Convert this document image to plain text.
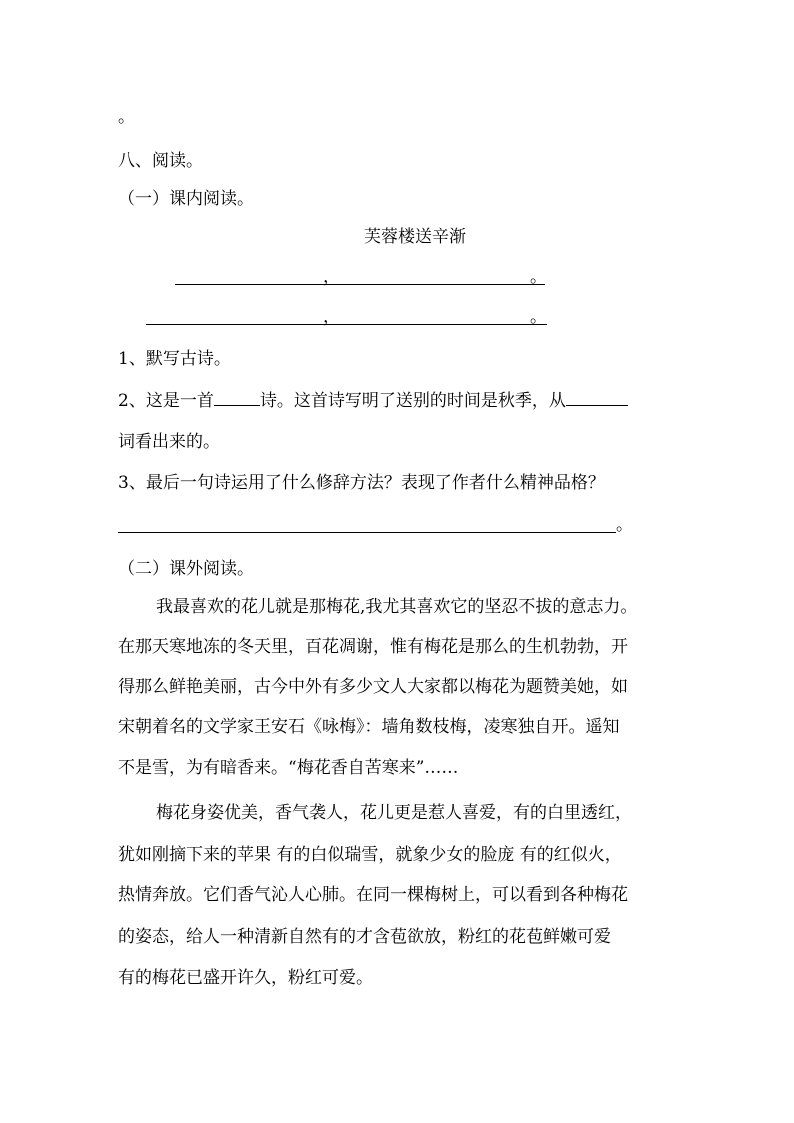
。
八、阅读。
（一）课内阅读。
芙蓉楼送辛渐
，	。
，	。
1、默写古诗。
2、这是一首	诗。这首诗写明了送别的时间是秋季，从
词看出来的。
3、最后一句诗运用了什么修辞方法？表现了作者什么精神品格？
。
（二）课外阅读。
我最喜欢的花儿就是那梅花,我尤其喜欢它的坚忍不拔的意志力。
在那天寒地冻的冬天里，百花凋谢，惟有梅花是那么的生机勃勃，开
得那么鲜艳美丽，古今中外有多少文人大家都以梅花为题赞美她，如
宋朝着名的文学家王安石《咏梅》：墙角数枝梅，凌寒独自开。遥知
不是雪，为有暗香来。“梅花香自苦寒来”……
梅花身姿优美，香气袭人，花儿更是惹人喜爱，有的白里透红，
犹如刚摘下来的苹果 有的白似瑞雪，就象少女的脸庞 有的红似火，
热情奔放。它们香气沁人心肺。在同一棵梅树上，可以看到各种梅花
的姿态，给人一种清新自然有的才含苞欲放，粉红的花苞鲜嫩可爱
有的梅花已盛开许久，粉红可爱。
